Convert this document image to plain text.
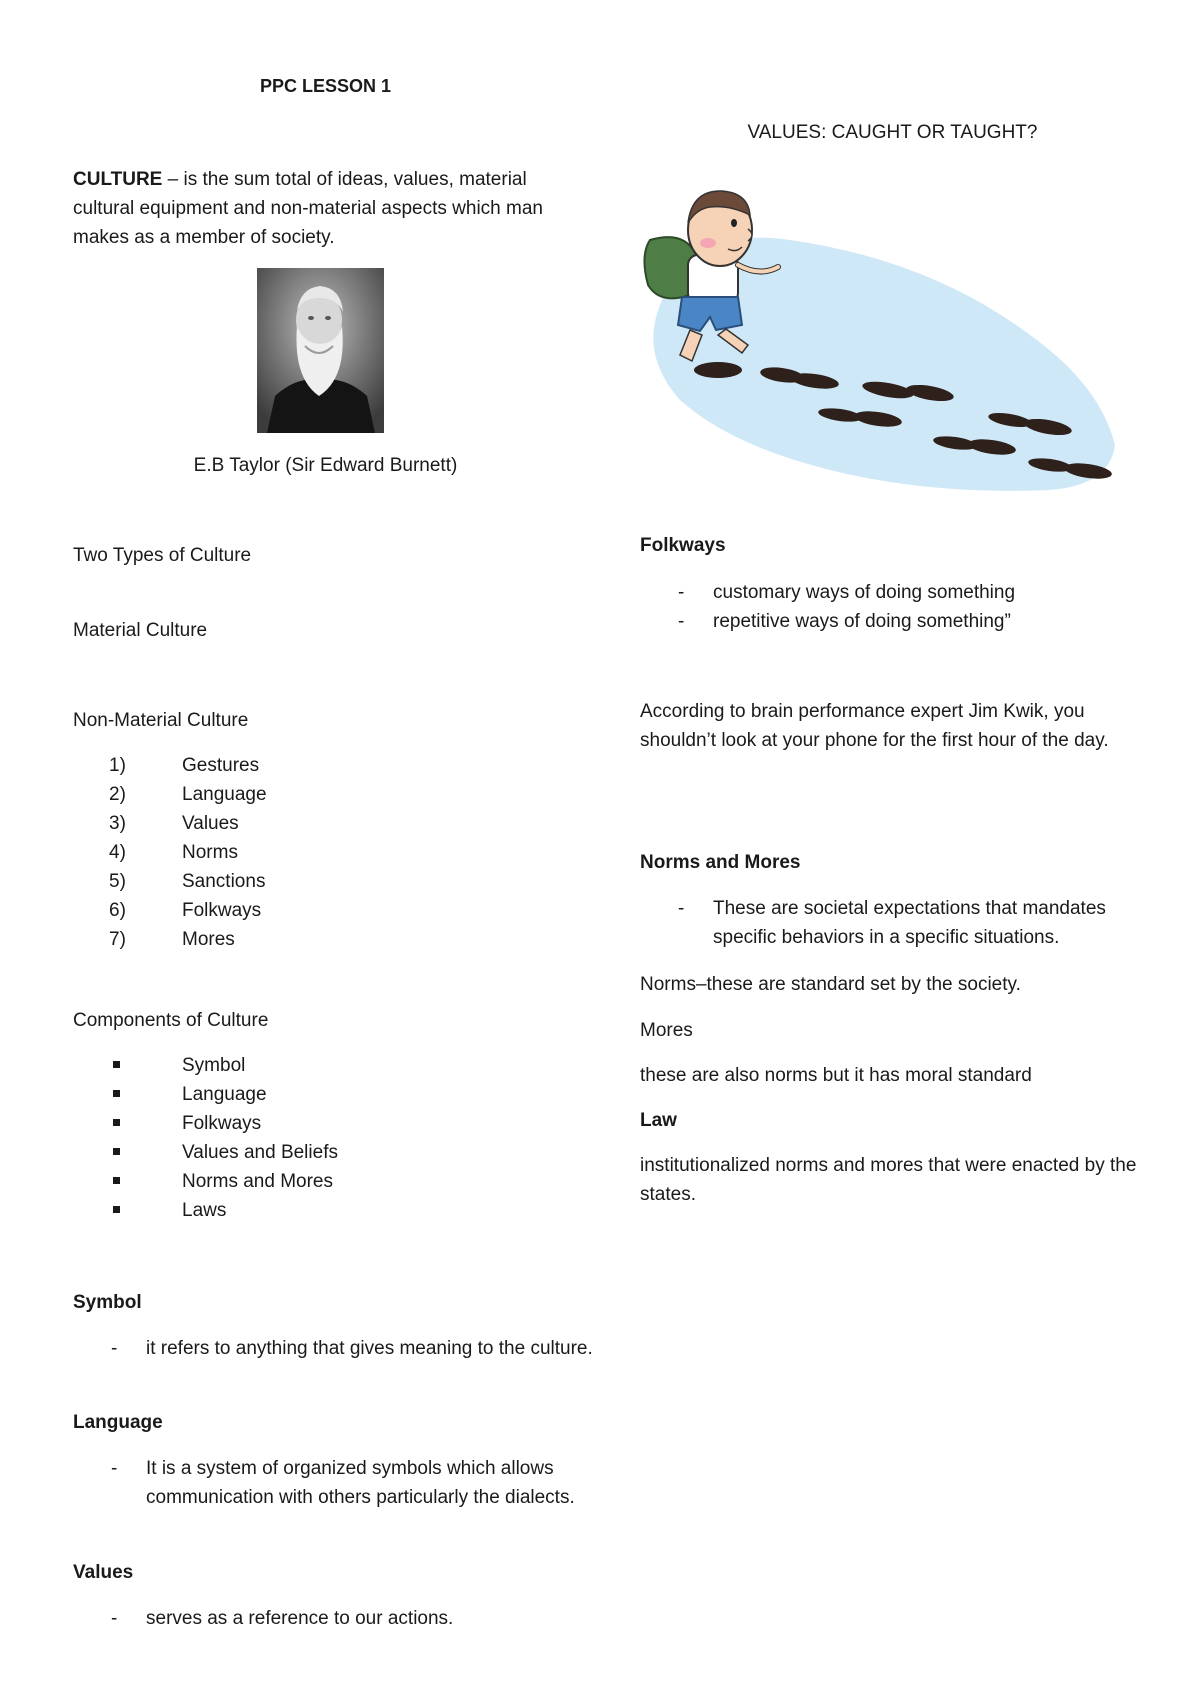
PPC LESSON 1
CULTURE – is the sum total of ideas, values, material cultural equipment and non-material aspects which man makes as a member of society.
E.B Taylor (Sir Edward Burnett)
Two Types of Culture
Material Culture
Non-Material Culture
1)	Gestures
2)	Language
3)	Values
4)	Norms
5)	Sanctions
6)	Folkways
7)	Mores
Components of Culture
Symbol
Language
Folkways
Values and Beliefs
Norms and Mores
Laws
Symbol
- it refers to anything that gives meaning to the culture.
Language
- It is a system of organized symbols which allows communication with others particularly the dialects.
Values
- serves as a reference to our actions.
VALUES: CAUGHT OR TAUGHT?
Folkways
- customary ways of doing something
- repetitive ways of doing something”
According to brain performance expert Jim Kwik, you shouldn’t look at your phone for the first hour of the day.
Norms and Mores
- These are societal expectations that mandates specific behaviors in a specific situations.
Norms–these are standard set by the society.
Mores
these are also norms but it has moral standard
Law
institutionalized norms and mores that were enacted by the states.
